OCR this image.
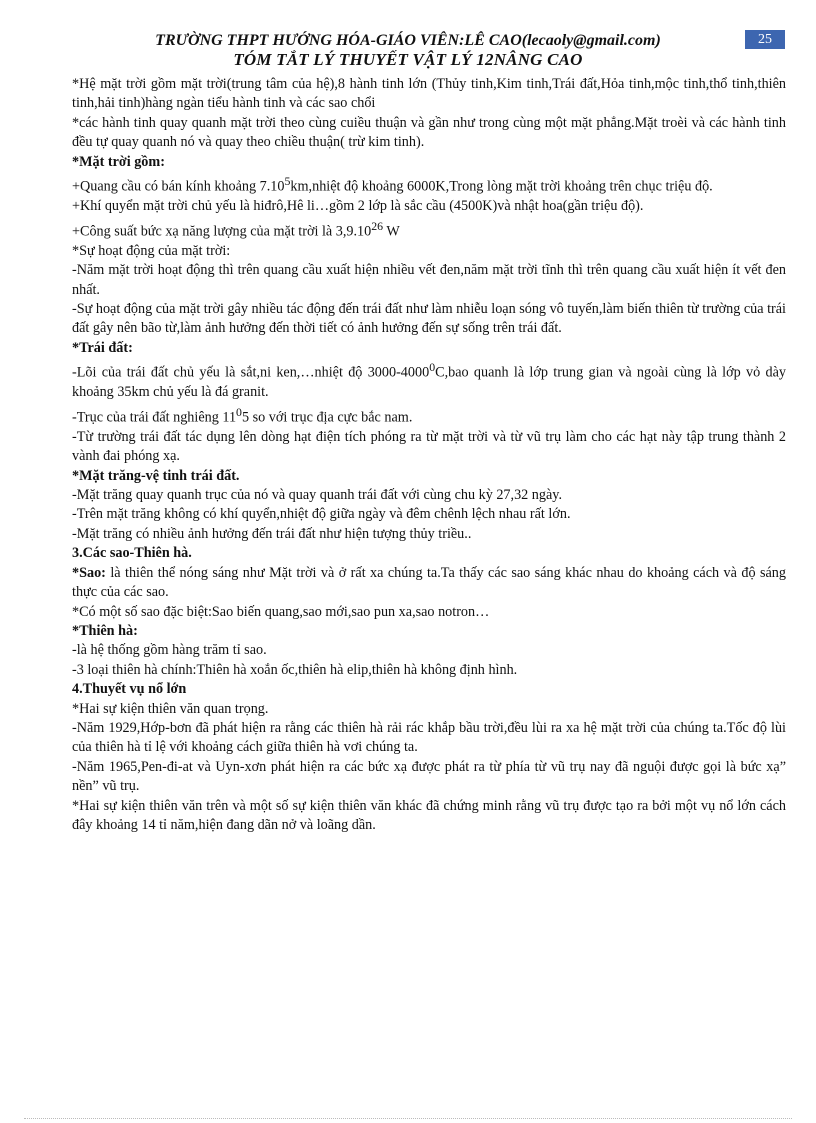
25
TRƯỜNG THPT HƯỚNG HÓA-GIÁO VIÊN:LÊ CAO(lecaoly@gmail.com)
TÓM TẮT LÝ THUYẾT VẬT LÝ 12NÂNG CAO

*Hệ mặt trời gồm mặt trời(trung tâm của hệ),8 hành tinh lớn (Thủy tinh,Kim tinh,Trái đất,Hỏa tinh,mộc tinh,thổ tinh,thiên tinh,hải tinh)hàng ngàn tiểu hành tinh và các sao chổi

*các hành tinh quay quanh mặt trời theo cùng cuiều thuận và gần như trong cùng một mặt phẳng.Mặt troèi và các hành tinh đều tự quay quanh nó và quay theo chiều thuận( trừ kim tinh).

*Mặt trời gồm:

+Quang cầu có bán kính khoảng 7.10$^5$km,nhiệt độ khoảng 6000K,Trong lòng mặt trời khoảng trên chục triệu độ.

+Khí quyển mặt trời chủ yếu là hiđrô,Hê li…gồm 2 lớp là sắc cầu (4500K)và nhật hoa(gần triệu độ).

+Công suất bức xạ năng lượng của mặt trời là 3,9.10$^{26}$ W

*Sự hoạt động của mặt trời:

-Năm mặt trời hoạt động thì trên quang cầu xuất hiện nhiều vết đen,năm mặt trời tĩnh thì trên quang cầu xuất hiện ít vết đen nhất.

-Sự hoạt động của mặt trời gây nhiều tác động đến trái đất như làm nhiễu loạn sóng vô tuyến,làm biến thiên từ trường của trái đất gây nên bão từ,làm ảnh hưởng đến thời tiết có ảnh hưởng đến sự sống trên trái đất.

*Trái đất:

-Lõi của trái đất chủ yếu là sắt,ni ken,…nhiệt độ 3000-4000$^0$C,bao quanh là lớp trung gian và ngoài cùng là lớp vỏ dày khoảng 35km chủ yếu là đá granit.

-Trục của trái đất nghiêng $11^05$ so với trục địa cực bắc nam.

-Từ trường trái đất tác dụng lên dòng hạt điện tích phóng ra từ mặt trời và từ vũ trụ làm cho các hạt này tập trung thành 2 vành đai phóng xạ.

*Mặt trăng-vệ tinh trái đất.

-Mặt trăng quay quanh trục của nó và quay quanh trái đất với cùng chu kỳ 27,32 ngày.

-Trên mặt trăng không có khí quyển,nhiệt độ giữa ngày và đêm chênh lệch nhau rất lớn.

-Mặt trăng có nhiều ảnh hưởng đến trái đất như hiện tượng thủy triều..

3.Các sao-Thiên hà.

*Sao: là thiên thể nóng sáng như Mặt trời và ở rất xa chúng ta.Ta thấy các sao sáng khác nhau do khoảng cách và độ sáng thực của các sao.

*Có một số sao đặc biệt:Sao biến quang,sao mới,sao pun xa,sao notron…

*Thiên hà:

-là hệ thống gồm hàng trăm tỉ sao.

-3 loại thiên hà chính:Thiên hà xoắn ốc,thiên hà elip,thiên hà không định hình.

4.Thuyết vụ nổ lớn

*Hai sự kiện thiên văn quan trọng.

-Năm 1929,Hớp-bơn đã phát hiện ra rằng các thiên hà rải rác khắp bầu trời,đều lùi ra xa hệ mặt trời của chúng ta.Tốc độ lùi của thiên hà tỉ lệ với khoảng cách giữa thiên hà vơi chúng ta.

-Năm 1965,Pen-đi-at và Uyn-xơn phát hiện ra các bức xạ được phát ra từ phía từ vũ trụ nay đã nguội được gọi là bức xạ” nền” vũ trụ.

*Hai sự kiện thiên văn trên và một số sự kiện thiên văn khác đã chứng minh rằng vũ trụ được tạo ra bởi một vụ nổ lớn cách đây khoảng 14 tỉ năm,hiện đang dãn nở và loãng dần.
